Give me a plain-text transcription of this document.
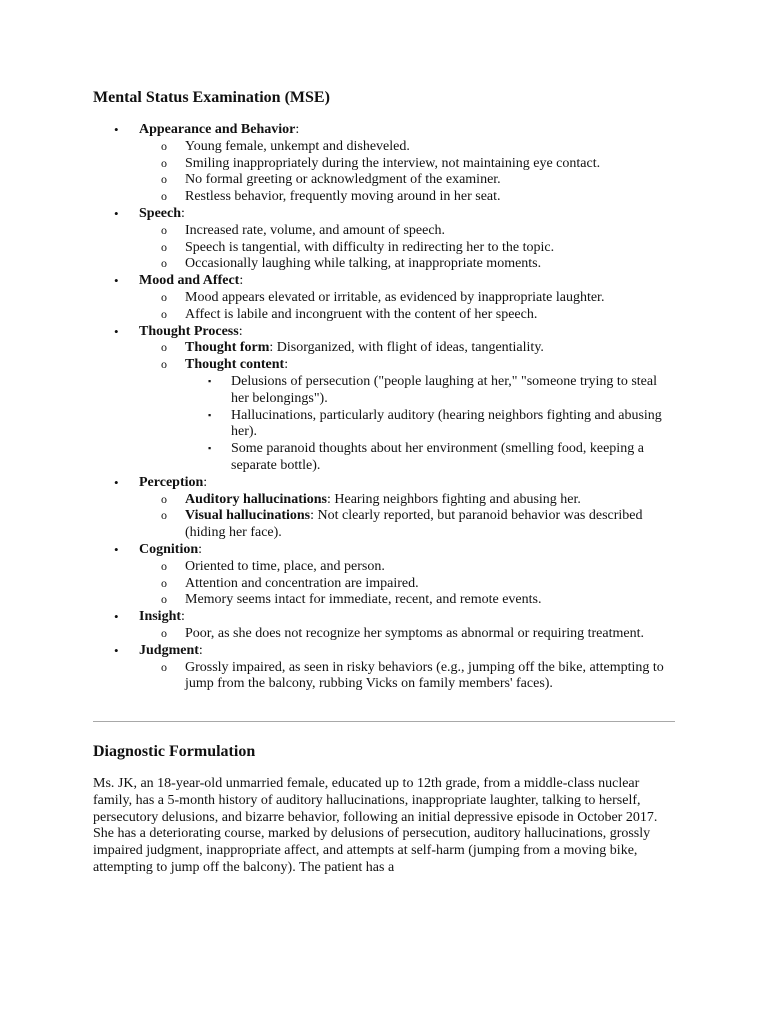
Mental Status Examination (MSE)
• Appearance and Behavior:
o Young female, unkempt and disheveled.
o Smiling inappropriately during the interview, not maintaining eye contact.
o No formal greeting or acknowledgment of the examiner.
o Restless behavior, frequently moving around in her seat.
• Speech:
o Increased rate, volume, and amount of speech.
o Speech is tangential, with difficulty in redirecting her to the topic.
o Occasionally laughing while talking, at inappropriate moments.
• Mood and Affect:
o Mood appears elevated or irritable, as evidenced by inappropriate laughter.
o Affect is labile and incongruent with the content of her speech.
• Thought Process:
o Thought form: Disorganized, with flight of ideas, tangentiality.
o Thought content:
▪ Delusions of persecution ("people laughing at her," "someone trying to steal her belongings").
▪ Hallucinations, particularly auditory (hearing neighbors fighting and abusing her).
▪ Some paranoid thoughts about her environment (smelling food, keeping a separate bottle).
• Perception:
o Auditory hallucinations: Hearing neighbors fighting and abusing her.
o Visual hallucinations: Not clearly reported, but paranoid behavior was described (hiding her face).
• Cognition:
o Oriented to time, place, and person.
o Attention and concentration are impaired.
o Memory seems intact for immediate, recent, and remote events.
• Insight:
o Poor, as she does not recognize her symptoms as abnormal or requiring treatment.
• Judgment:
o Grossly impaired, as seen in risky behaviors (e.g., jumping off the bike, attempting to jump from the balcony, rubbing Vicks on family members' faces).
Diagnostic Formulation

Ms. JK, an 18-year-old unmarried female, educated up to 12th grade, from a middle-class nuclear family, has a 5-month history of auditory hallucinations, inappropriate laughter, talking to herself, persecutory delusions, and bizarre behavior, following an initial depressive episode in October 2017. She has a deteriorating course, marked by delusions of persecution, auditory hallucinations, grossly impaired judgment, inappropriate affect, and attempts at self-harm (jumping from a moving bike, attempting to jump off the balcony). The patient has a
